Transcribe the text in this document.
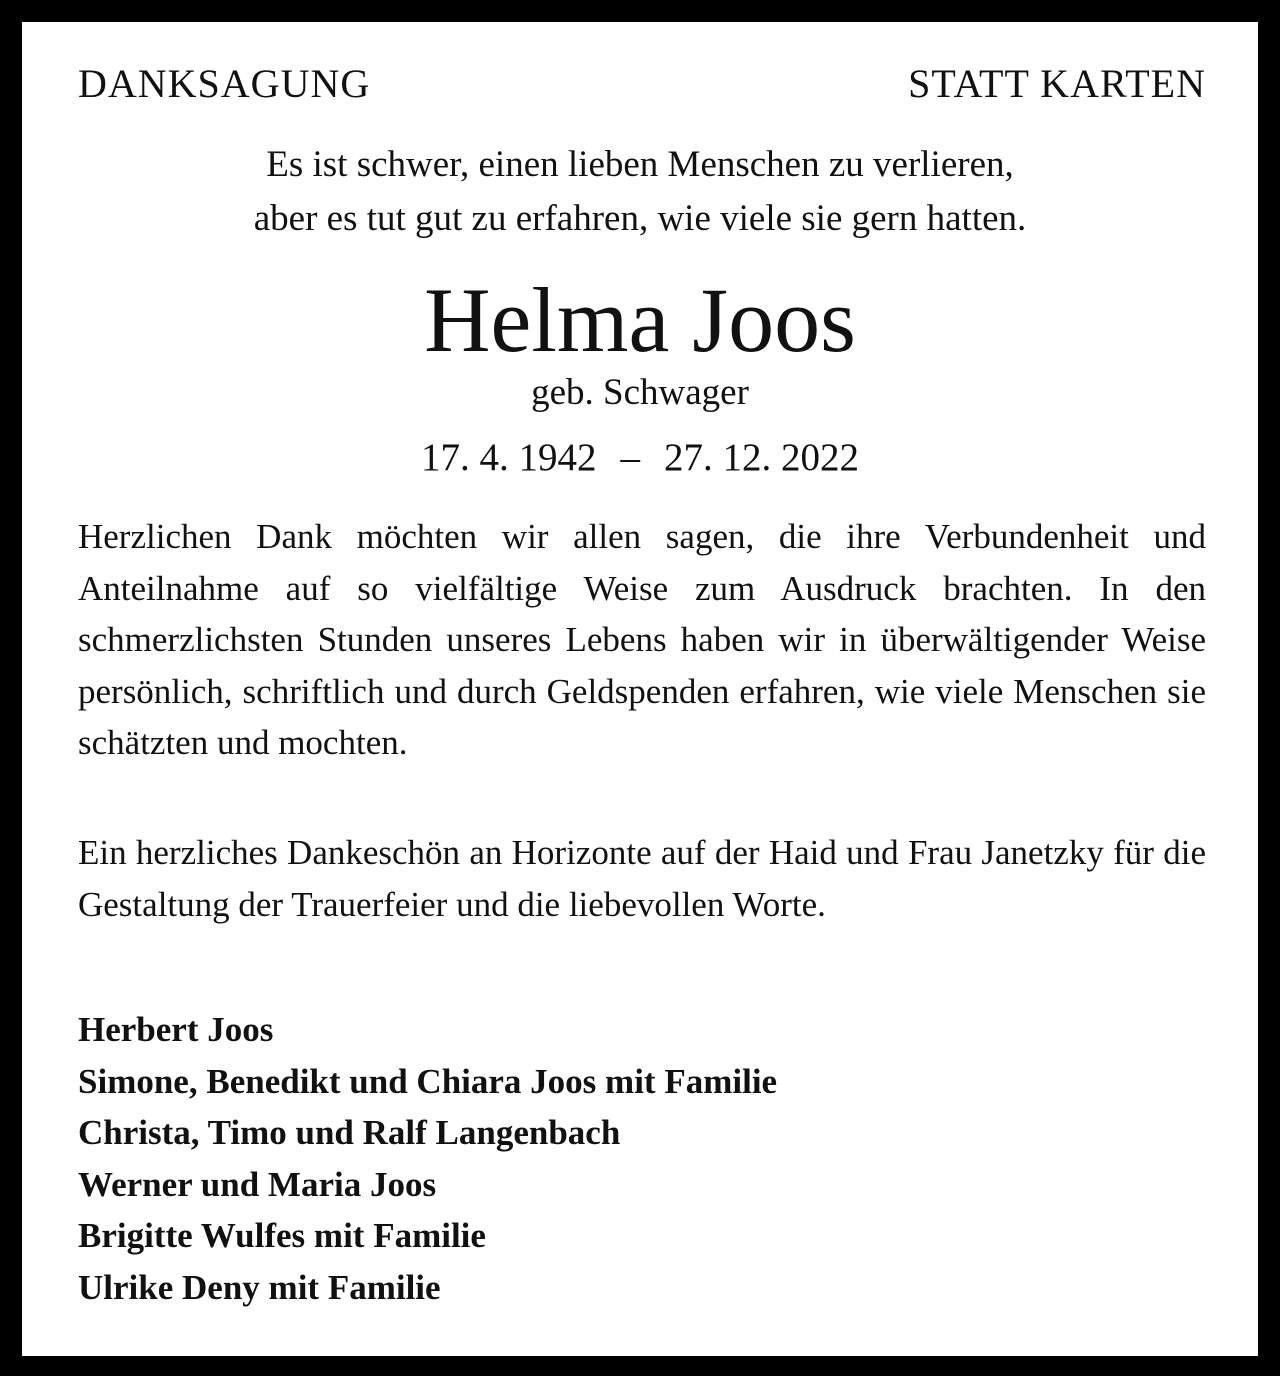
DANKSAGUNG	STATT KARTEN
Es ist schwer, einen lieben Menschen zu verlieren,
aber es tut gut zu erfahren, wie viele sie gern hatten.
Helma Joos
geb. Schwager
17. 4. 1942 – 27. 12. 2022
Herzlichen Dank möchten wir allen sagen, die ihre Verbundenheit und Anteilnahme auf so vielfältige Weise zum Ausdruck brachten. In den schmerzlichsten Stunden unseres Lebens haben wir in überwältigender Weise persönlich, schriftlich und durch Geldspenden erfahren, wie viele Menschen sie schätzten und mochten.
Ein herzliches Dankeschön an Horizonte auf der Haid und Frau Janetzky für die Gestaltung der Trauerfeier und die liebevollen Worte.
Herbert Joos
Simone, Benedikt und Chiara Joos mit Familie
Christa, Timo und Ralf Langenbach
Werner und Maria Joos
Brigitte Wulfes mit Familie
Ulrike Deny mit Familie
